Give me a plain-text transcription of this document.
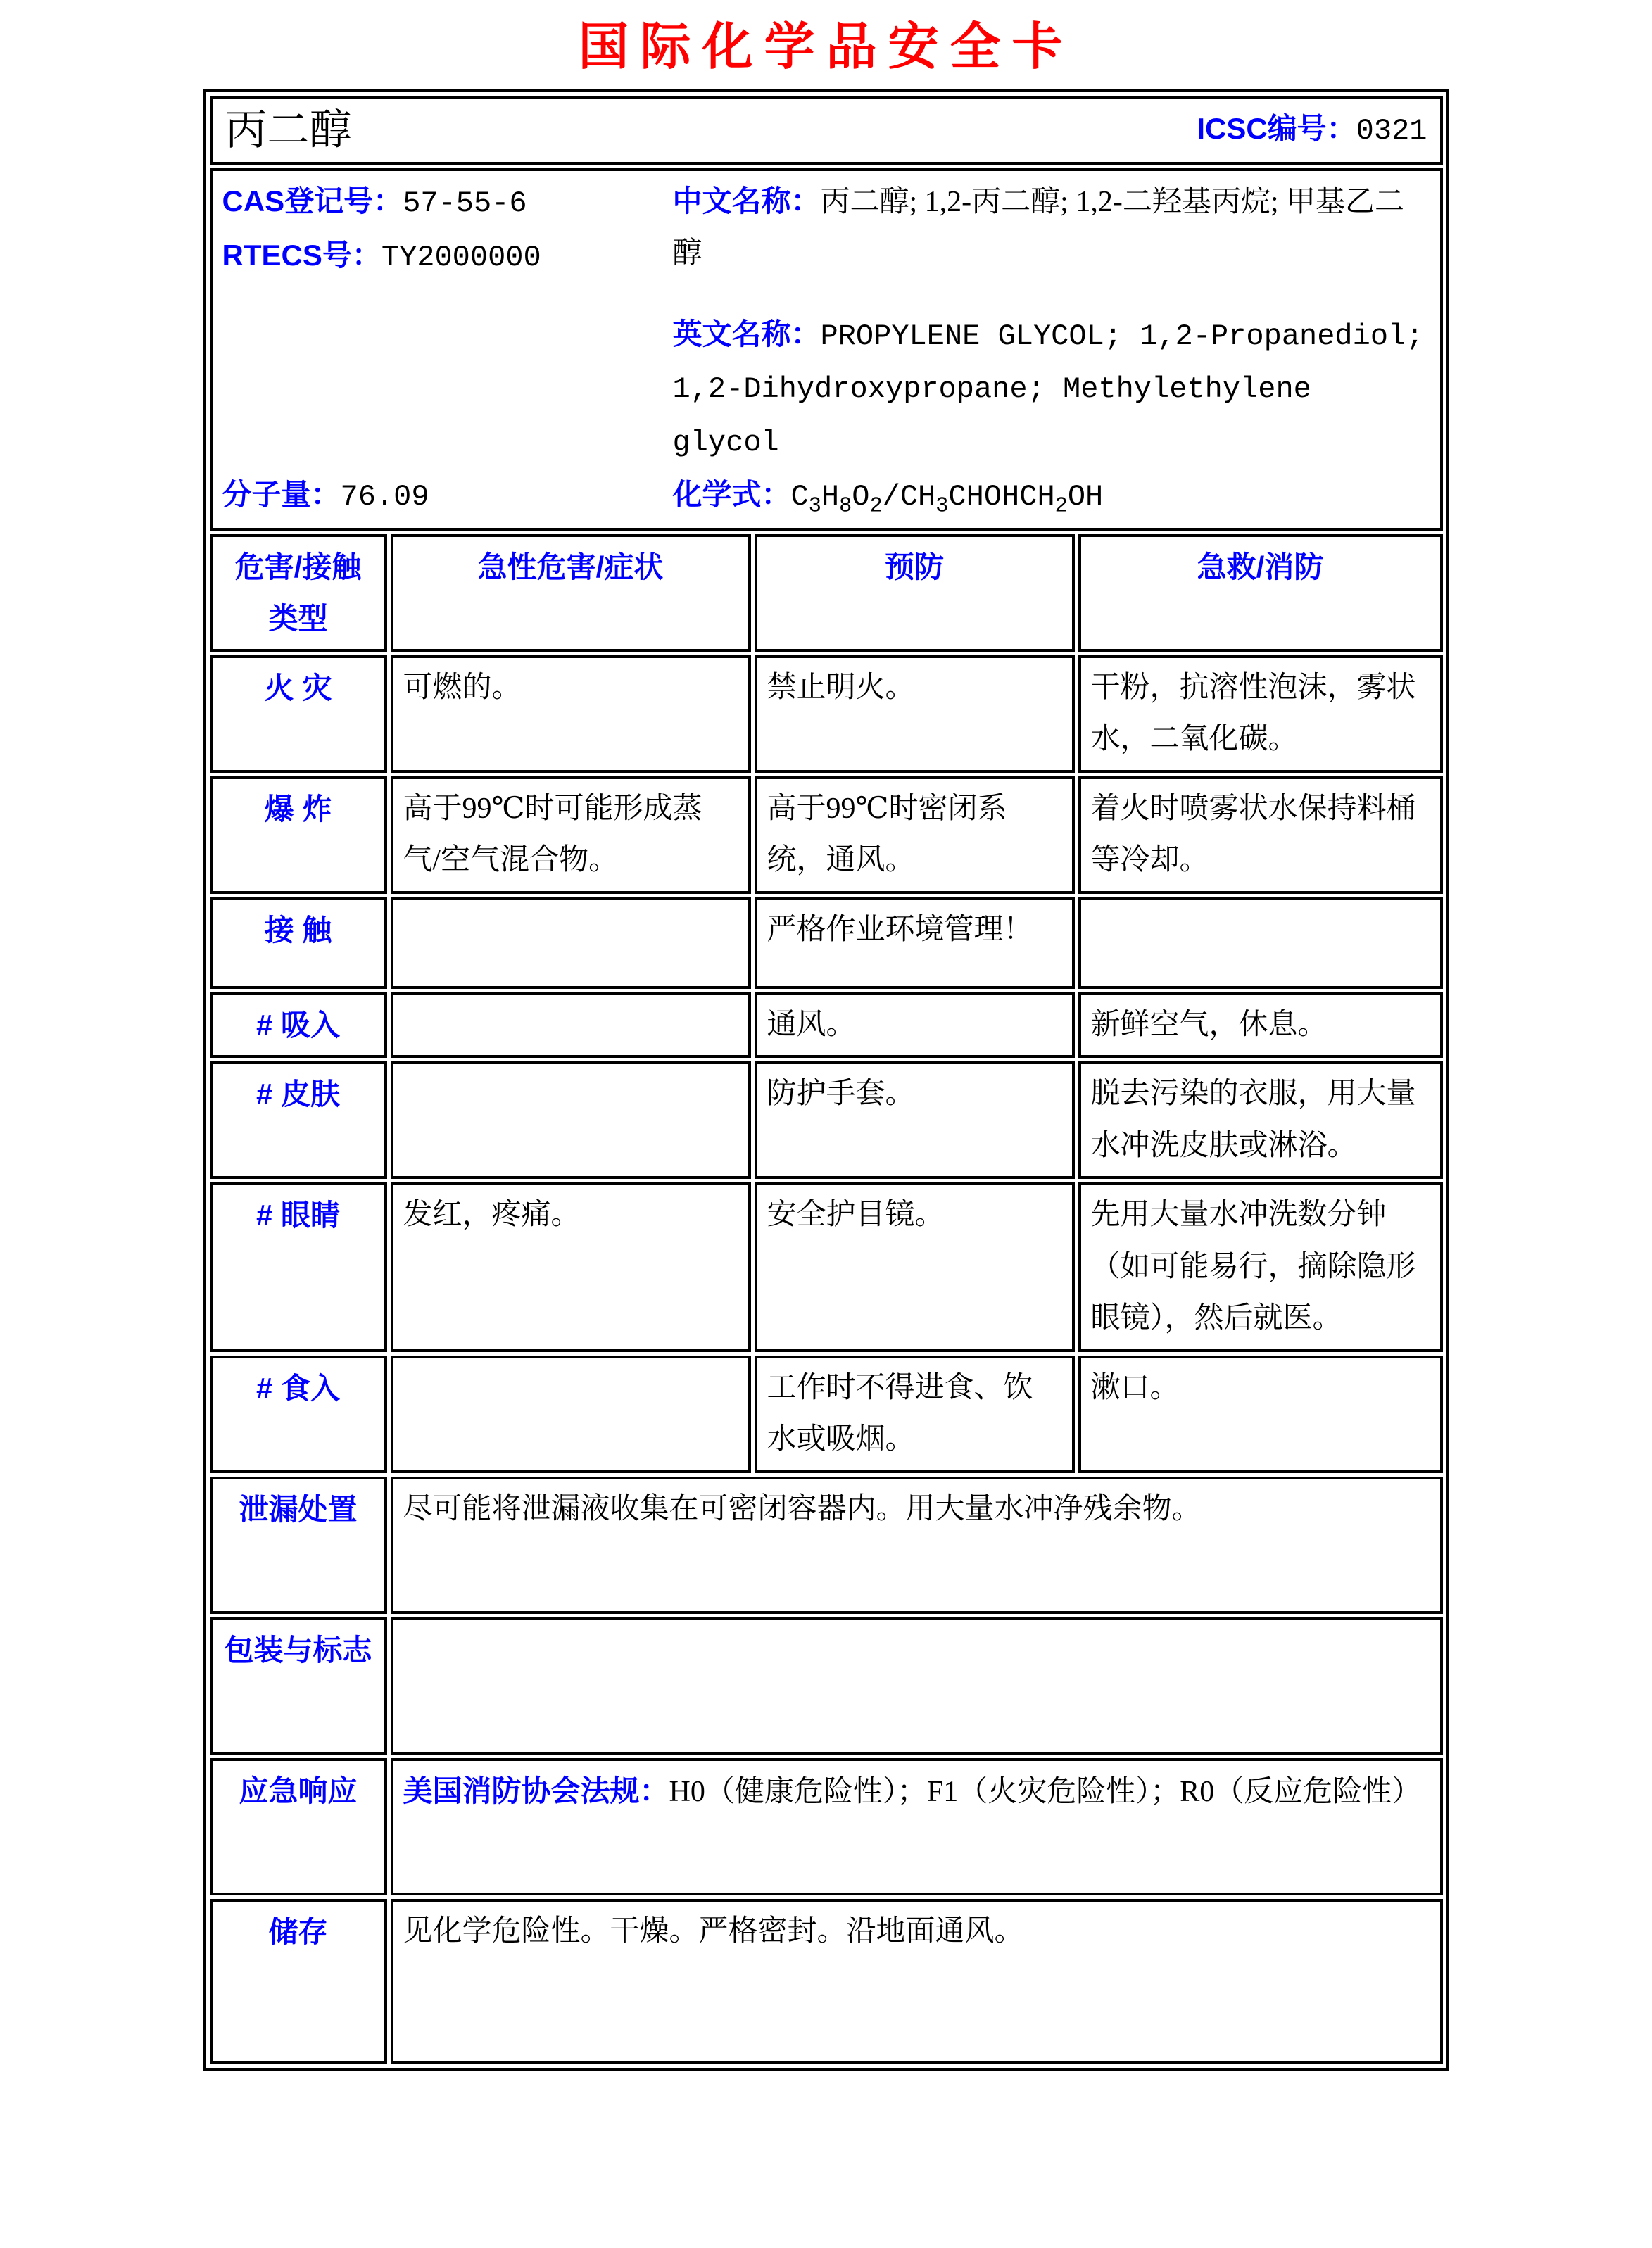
国际化学品安全卡
丙二醇 ICSC编号：0321			

CAS登记号：57-55-6
RTECS号：TY2000000
分子量：76.09
中文名称：丙二醇; 1,2-丙二醇; 1,2-二羟基丙烷; 甲基乙二醇
英文名称：PROPYLENE GLYCOL; 1,2-Propanediol; 1,2-Dihydroxypropane; Methylethylene glycol
化学式：$C_3H_8O_2/CH_3CHOHCH_2OH$

危害/接触
类型	急性危害/症状	预防	急救/消防
火 灾	可燃的。	禁止明火。	干粉，抗溶性泡沫，雾状水，二氧化碳。
爆 炸	高于99℃时可能形成蒸气/空气混合物。	高于99℃时密闭系统，通风。	着火时喷雾状水保持料桶等冷却。
接 触		严格作业环境管理！	
# 吸入		通风。	新鲜空气，休息。
# 皮肤		防护手套。	脱去污染的衣服，用大量水冲洗皮肤或淋浴。
# 眼睛	发红，疼痛。	安全护目镜。	先用大量水冲洗数分钟（如可能易行，摘除隐形眼镜），然后就医。
# 食入		工作时不得进食、饮水或吸烟。	漱口。
泄漏处置	尽可能将泄漏液收集在可密闭容器内。用大量水冲净残余物。		
包装与标志			
应急响应	美国消防协会法规：H0（健康危险性）；F1（火灾危险性）；R0（反应危险性）		
储存	见化学危险性。干燥。严格密封。沿地面通风。		
